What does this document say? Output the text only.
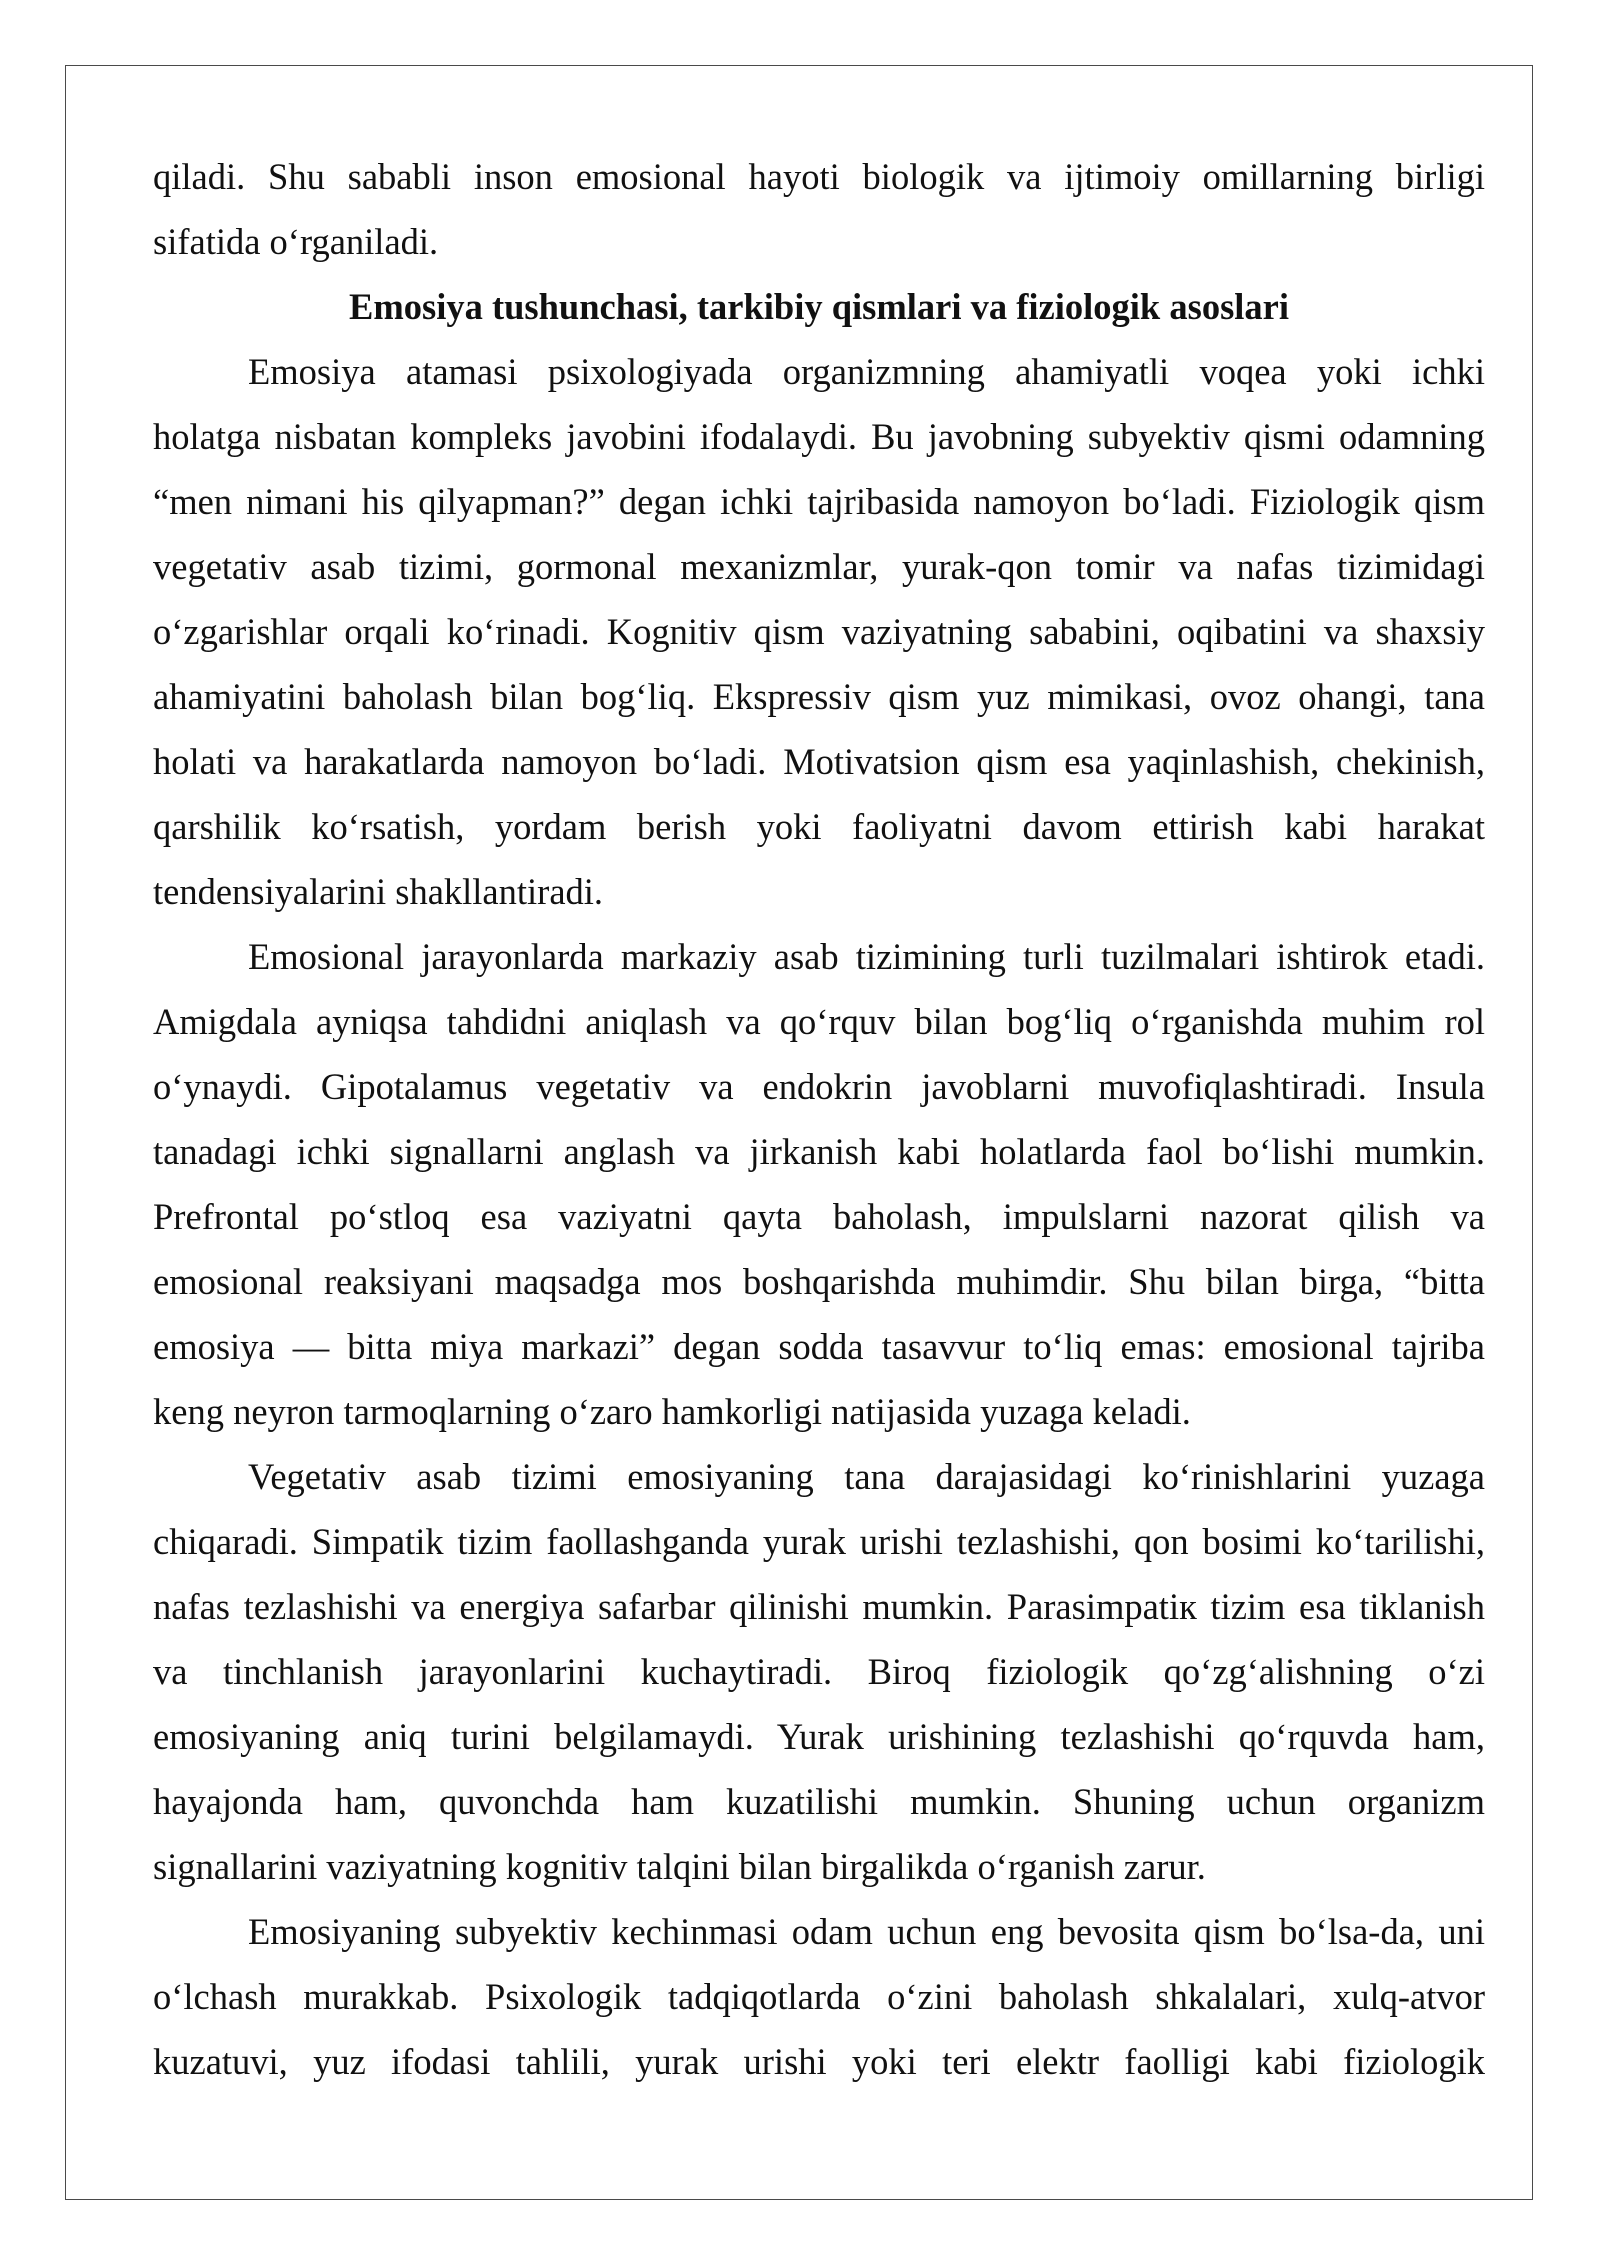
qiladi. Shu sababli inson emosional hayoti biologik va ijtimoiy omillarning birligi
sifatida o‘rganiladi.
Emosiya tushunchasi, tarkibiy qismlari va fiziologik asoslari
Emosiya atamasi psixologiyada organizmning ahamiyatli voqea yoki ichki
holatga nisbatan kompleks javobini ifodalaydi. Bu javobning subyektiv qismi odamning
“men nimani his qilyapman?” degan ichki tajribasida namoyon bo‘ladi. Fiziologik qism
vegetativ asab tizimi, gormonal mexanizmlar, yurak-qon tomir va nafas tizimidagi
o‘zgarishlar orqali ko‘rinadi. Kognitiv qism vaziyatning sababini, oqibatini va shaxsiy
ahamiyatini baholash bilan bog‘liq. Ekspressiv qism yuz mimikasi, ovoz ohangi, tana
holati va harakatlarda namoyon bo‘ladi. Motivatsion qism esa yaqinlashish, chekinish,
qarshilik ko‘rsatish, yordam berish yoki faoliyatni davom ettirish kabi harakat
tendensiyalarini shakllantiradi.
Emosional jarayonlarda markaziy asab tizimining turli tuzilmalari ishtirok etadi.
Amigdala ayniqsa tahdidni aniqlash va qo‘rquv bilan bog‘liq o‘rganishda muhim rol
o‘ynaydi. Gipotalamus vegetativ va endokrin javoblarni muvofiqlashtiradi. Insula
tanadagi ichki signallarni anglash va jirkanish kabi holatlarda faol bo‘lishi mumkin.
Prefrontal po‘stloq esa vaziyatni qayta baholash, impulslarni nazorat qilish va
emosional reaksiyani maqsadga mos boshqarishda muhimdir. Shu bilan birga, “bitta
emosiya — bitta miya markazi” degan sodda tasavvur to‘liq emas: emosional tajriba
keng neyron tarmoqlarning o‘zaro hamkorligi natijasida yuzaga keladi.
Vegetativ asab tizimi emosiyaning tana darajasidagi ko‘rinishlarini yuzaga
chiqaradi. Simpatik tizim faollashganda yurak urishi tezlashishi, qon bosimi ko‘tarilishi,
nafas tezlashishi va energiya safarbar qilinishi mumkin. Parasimpatiк tizim esa tiklanish
va tinchlanish jarayonlarini kuchaytiradi. Biroq fiziologik qo‘zg‘alishning o‘zi
emosiyaning aniq turini belgilamaydi. Yurak urishining tezlashishi qo‘rquvda ham,
hayajonda ham, quvonchda ham kuzatilishi mumkin. Shuning uchun organizm
signallarini vaziyatning kognitiv talqini bilan birgalikda o‘rganish zarur.
Emosiyaning subyektiv kechinmasi odam uchun eng bevosita qism bo‘lsa-da, uni
o‘lchash murakkab. Psixologik tadqiqotlarda o‘zini baholash shkalalari, xulq-atvor
kuzatuvi, yuz ifodasi tahlili, yurak urishi yoki teri elektr faolligi kabi fiziologik
